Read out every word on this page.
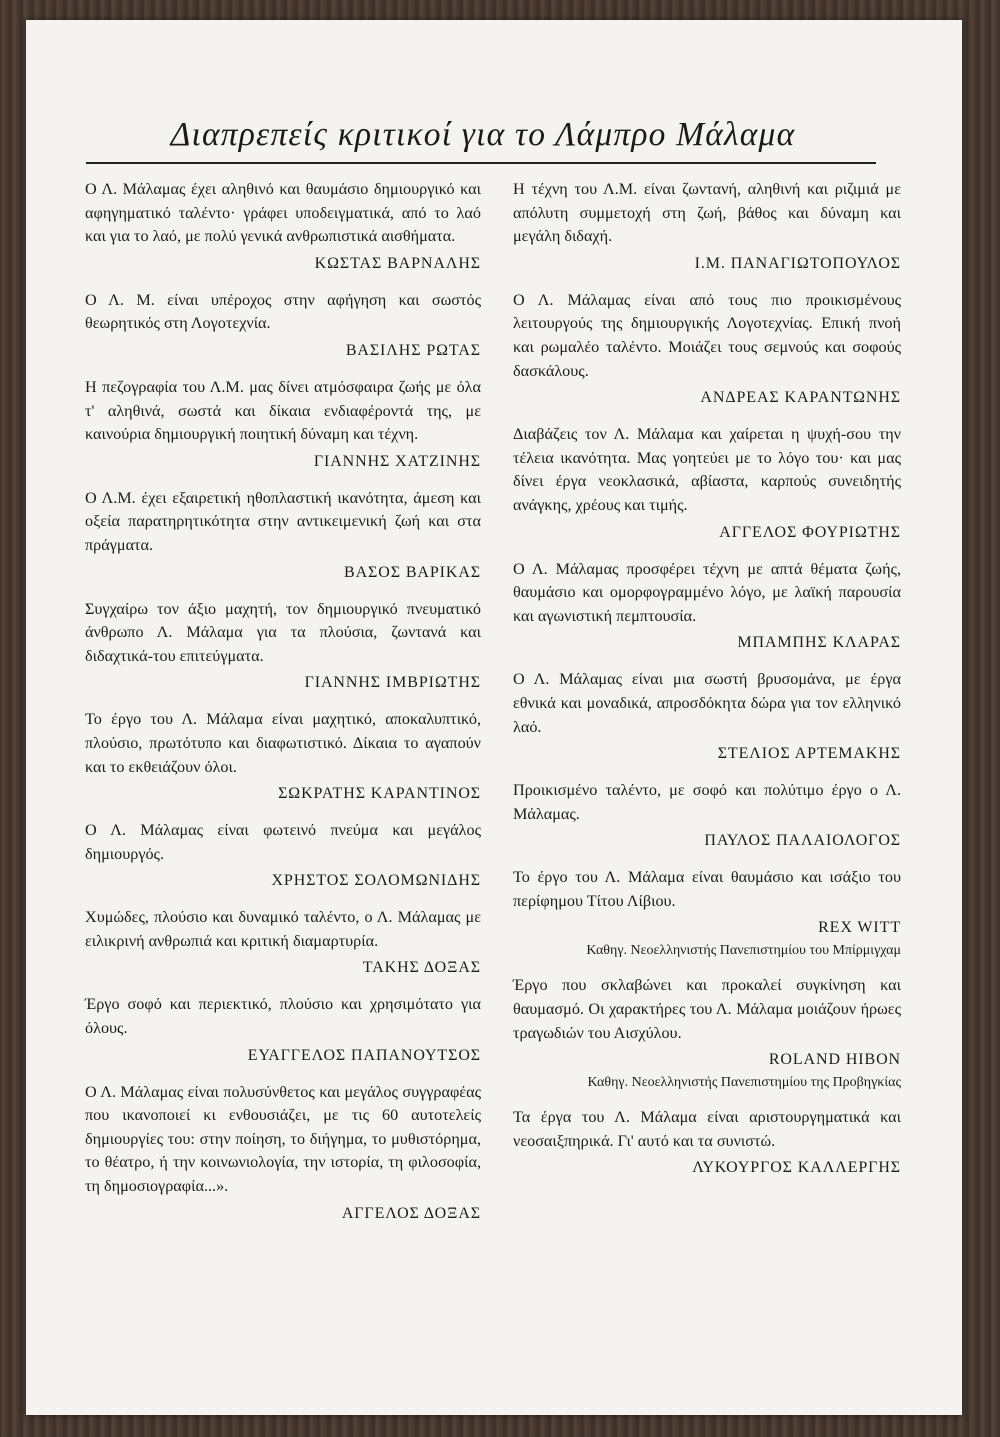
Διαπρεπείς κριτικοί για το Λάμπρο Μάλαμα

Ο Λ. Μάλαμας έχει αληθινό και θαυμάσιο δημιουργικό και αφηγηματικό ταλέντο· γράφει υποδειγματικά, από το λαό και για το λαό, με πολύ γενικά ανθρωπιστικά αισθήματα.

ΚΩΣΤΑΣ ΒΑΡΝΑΛΗΣ

Ο Λ. Μ. είναι υπέροχος στην αφήγηση και σωστός θεωρητικός στη Λογοτεχνία.

ΒΑΣΙΛΗΣ ΡΩΤΑΣ

Η πεζογραφία του Λ.Μ. μας δίνει ατμόσφαιρα ζωής με όλα τ' αληθινά, σωστά και δίκαια ενδιαφέροντά της, με καινούρια δημιουργική ποιητική δύναμη και τέχνη.

ΓΙΑΝΝΗΣ ΧΑΤΖΙΝΗΣ

Ο Λ.Μ. έχει εξαιρετική ηθοπλαστική ικανότητα, άμεση και οξεία παρατηρητικότητα στην αντικειμενική ζωή και στα πράγματα.

ΒΑΣΟΣ ΒΑΡΙΚΑΣ

Συγχαίρω τον άξιο μαχητή, τον δημιουργικό πνευματικό άνθρωπο Λ. Μάλαμα για τα πλούσια, ζωντανά και διδαχτικά-του επιτεύγματα.

ΓΙΑΝΝΗΣ ΙΜΒΡΙΩΤΗΣ

Το έργο του Λ. Μάλαμα είναι μαχητικό, αποκαλυπτικό, πλούσιο, πρωτότυπο και διαφωτιστικό. Δίκαια το αγαπούν και το εκθειάζουν όλοι.

ΣΩΚΡΑΤΗΣ ΚΑΡΑΝΤΙΝΟΣ

Ο Λ. Μάλαμας είναι φωτεινό πνεύμα και μεγάλος δημιουργός.

ΧΡΗΣΤΟΣ ΣΟΛΟΜΩΝΙΔΗΣ

Χυμώδες, πλούσιο και δυναμικό ταλέντο, ο Λ. Μάλαμας με ειλικρινή ανθρωπιά και κριτική διαμαρτυρία.

ΤΑΚΗΣ ΔΟΞΑΣ

Έργο σοφό και περιεκτικό, πλούσιο και χρησιμότατο για όλους.

ΕΥΑΓΓΕΛΟΣ ΠΑΠΑΝΟΥΤΣΟΣ

Ο Λ. Μάλαμας είναι πολυσύνθετος και μεγάλος συγγραφέας που ικανοποιεί κι ενθουσιάζει, με τις 60 αυτοτελείς δημιουργίες του: στην ποίηση, το διήγημα, το μυθιστόρημα, το θέατρο, ή την κοινωνιολογία, την ιστορία, τη φιλοσοφία, τη δημοσιογραφία...».

ΑΓΓΕΛΟΣ ΔΟΞΑΣ

Η τέχνη του Λ.Μ. είναι ζωντανή, αληθινή και ριζιμιά με απόλυτη συμμετοχή στη ζωή, βάθος και δύναμη και μεγάλη διδαχή.

Ι.Μ. ΠΑΝΑΓΙΩΤΟΠΟΥΛΟΣ

Ο Λ. Μάλαμας είναι από τους πιο προικισμένους λειτουργούς της δημιουργικής Λογοτεχνίας. Επική πνοή και ρωμαλέο ταλέντο. Μοιάζει τους σεμνούς και σοφούς δασκάλους.

ΑΝΔΡΕΑΣ ΚΑΡΑΝΤΩΝΗΣ

Διαβάζεις τον Λ. Μάλαμα και χαίρεται η ψυχή-σου την τέλεια ικανότητα. Μας γοητεύει με το λόγο του· και μας δίνει έργα νεοκλασικά, αβίαστα, καρπούς συνειδητής ανάγκης, χρέους και τιμής.

ΑΓΓΕΛΟΣ ΦΟΥΡΙΩΤΗΣ

Ο Λ. Μάλαμας προσφέρει τέχνη με απτά θέματα ζωής, θαυμάσιο και ομορφογραμμένο λόγο, με λαϊκή παρουσία και αγωνιστική πεμπτουσία.

ΜΠΑΜΠΗΣ ΚΛΑΡΑΣ

Ο Λ. Μάλαμας είναι μια σωστή βρυσομάνα, με έργα εθνικά και μοναδικά, απροσδόκητα δώρα για τον ελληνικό λαό.

ΣΤΕΛΙΟΣ ΑΡΤΕΜΑΚΗΣ

Προικισμένο ταλέντο, με σοφό και πολύτιμο έργο ο Λ. Μάλαμας.

ΠΑΥΛΟΣ ΠΑΛΑΙΟΛΟΓΟΣ

Το έργο του Λ. Μάλαμα είναι θαυμάσιο και ισάξιο του περίφημου Τίτου Λίβιου.

REX WITT
Καθηγ. Νεοελληνιστής Πανεπιστημίου του Μπίρμιγχαμ

Έργο που σκλαβώνει και προκαλεί συγκίνηση και θαυμασμό. Οι χαρακτήρες του Λ. Μάλαμα μοιάζουν ήρωες τραγωδιών του Αισχύλου.

ROLAND HIBON
Καθηγ. Νεοελληνιστής Πανεπιστημίου της Προβηγκίας

Τα έργα του Λ. Μάλαμα είναι αριστουργηματικά και νεοσαιξπηρικά. Γι' αυτό και τα συνιστώ.

ΛΥΚΟΥΡΓΟΣ ΚΑΛΛΕΡΓΗΣ
